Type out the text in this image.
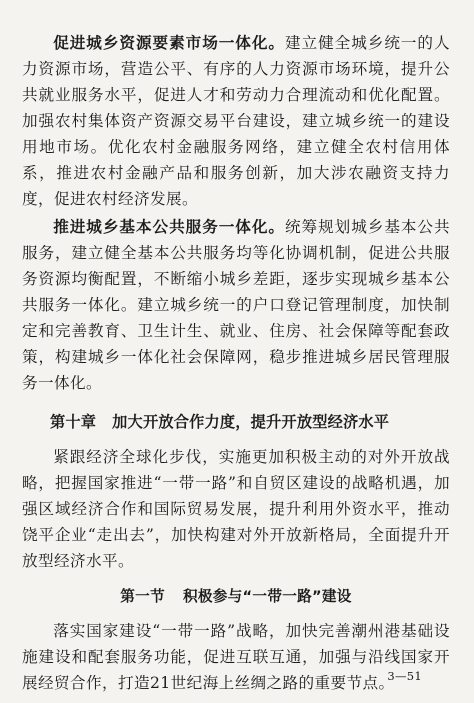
促进城乡资源要素市场一体化。建立健全城乡统一的人力资源市场，营造公平、有序的人力资源市场环境，提升公共就业服务水平，促进人才和劳动力合理流动和优化配置。加强农村集体资产资源交易平台建设，建立城乡统一的建设用地市场。优化农村金融服务网络，建立健全农村信用体系，推进农村金融产品和服务创新，加大涉农融资支持力度，促进农村经济发展。

推进城乡基本公共服务一体化。统筹规划城乡基本公共服务，建立健全基本公共服务均等化协调机制，促进公共服务资源均衡配置，不断缩小城乡差距，逐步实现城乡基本公共服务一体化。建立城乡统一的户口登记管理制度，加快制定和完善教育、卫生计生、就业、住房、社会保障等配套政策，构建城乡一体化社会保障网，稳步推进城乡居民管理服务一体化。

第十章 加大开放合作力度，提升开放型经济水平

紧跟经济全球化步伐，实施更加积极主动的对外开放战略，把握国家推进“一带一路”和自贸区建设的战略机遇，加强区域经济合作和国际贸易发展，提升利用外资水平，推动饶平企业“走出去”，加快构建对外开放新格局，全面提升开放型经济水平。

第一节 积极参与“一带一路”建设

落实国家建设“一带一路”战略，加快完善潮州港基础设施建设和配套服务功能，促进互联互通，加强与沿线国家开展经贸合作，打造21世纪海上丝绸之路的重要节点。

3—51
